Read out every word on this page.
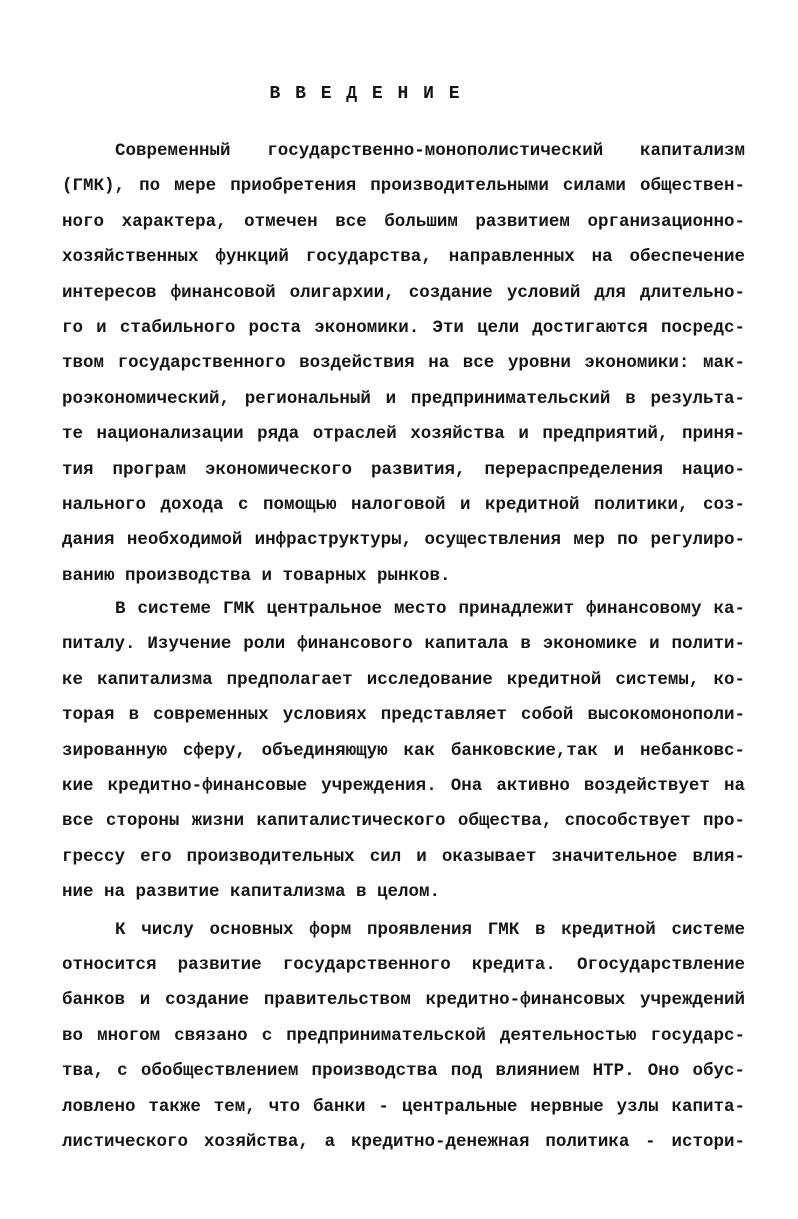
В В Е Д Е Н И Е
Современный государственно-монополистический капитализм
(ГМК), по мере приобретения производительными силами обществен-
ного характера, отмечен все большим развитием организационно-
хозяйственных функций государства, направленных на обеспечение
интересов финансовой олигархии, создание условий для длительно-
го и стабильного роста экономики. Эти цели достигаются посредс-
твом государственного воздействия на все уровни экономики: мак-
роэкономический, региональный и предпринимательский в результа-
те национализации ряда отраслей хозяйства и предприятий, приня-
тия програм экономического развития, перераспределения нацио-
нального дохода с помощью налоговой и кредитной политики, соз-
дания необходимой инфраструктуры, осуществления мер по регулиро-
ванию производства и товарных рынков.
В системе ГМК центральное место принадлежит финансовому ка-
питалу. Изучение роли финансового капитала в экономике и полити-
ке капитализма предполагает исследование кредитной системы, ко-
торая в современных условиях представляет собой высокомонополи-
зированную сферу, объединяющую как банковские,так и небанковс-
кие кредитно-финансовые учреждения. Она активно воздействует на
все стороны жизни капиталистического общества, способствует про-
грессу его производительных сил и оказывает значительное влия-
ние на развитие капитализма в целом.
К числу основных форм проявления ГМК в кредитной системе
относится развитие государственного кредита. Огосударствление
банков и создание правительством кредитно-финансовых учреждений
во многом связано с предпринимательской деятельностью государс-
тва, с обобществлением производства под влиянием НТР. Оно обус-
ловлено также тем, что банки - центральные нервные узлы капита-
листического хозяйства, а кредитно-денежная политика - истори-
